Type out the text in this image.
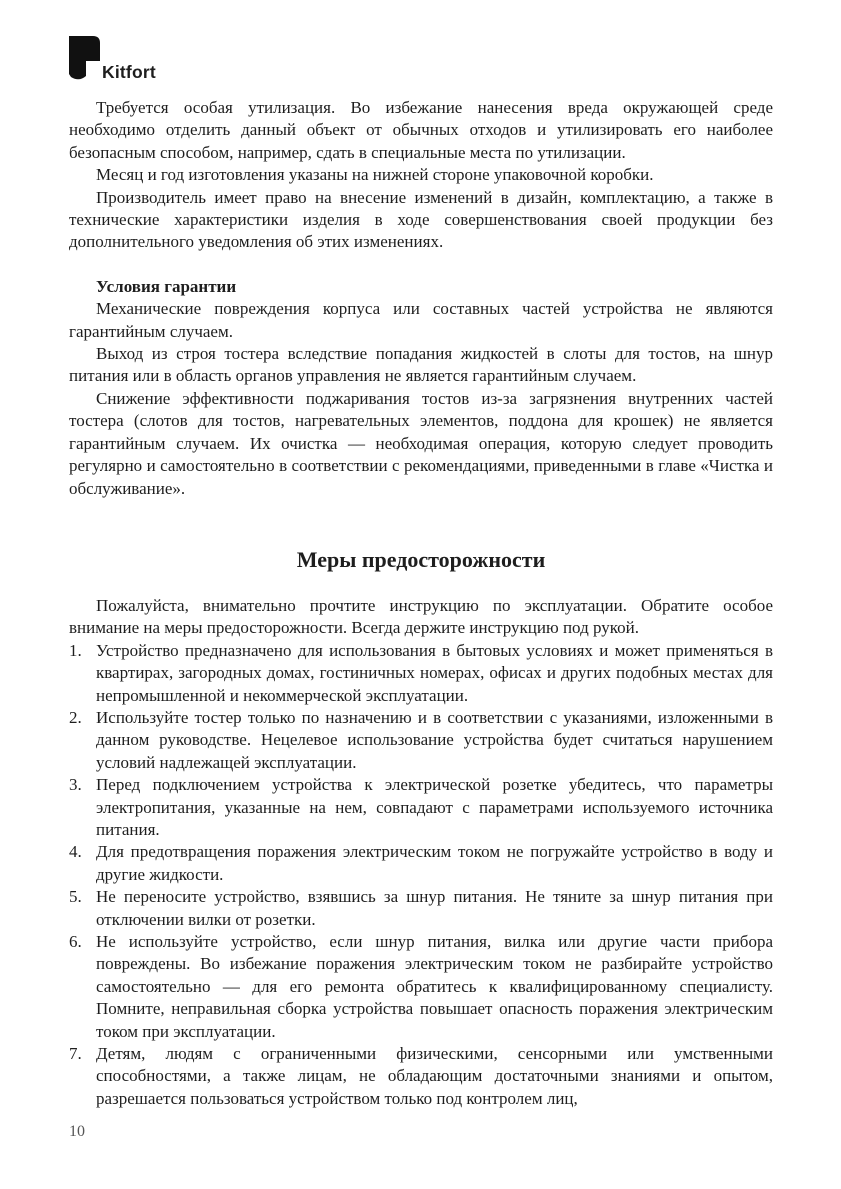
Kitfort

Требуется особая утилизация. Во избежание нанесения вреда окружающей среде необходимо отделить данный объект от обычных отходов и утилизировать его наиболее безопасным способом, например, сдать в специальные места по утилизации.

Месяц и год изготовления указаны на нижней стороне упаковочной коробки.

Производитель имеет право на внесение изменений в дизайн, комплектацию, а также в технические характеристики изделия в ходе совершенствования своей продукции без дополнительного уведомления об этих изменениях.

Условия гарантии

Механические повреждения корпуса или составных частей устройства не являются гарантийным случаем.

Выход из строя тостера вследствие попадания жидкостей в слоты для тостов, на шнур питания или в область органов управления не является гарантийным случаем.

Снижение эффективности поджаривания тостов из-за загрязнения внутренних частей тостера (слотов для тостов, нагревательных элементов, поддона для крошек) не является гарантийным случаем. Их очистка — необходимая операция, которую следует проводить регулярно и самостоятельно в соответствии с рекомендациями, приведенными в главе «Чистка и обслуживание».

Меры предосторожности

Пожалуйста, внимательно прочтите инструкцию по эксплуатации. Обратите особое внимание на меры предосторожности. Всегда держите инструкцию под рукой.

1. Устройство предназначено для использования в бытовых условиях и может применяться в квартирах, загородных домах, гостиничных номерах, офисах и других подобных местах для непромышленной и некоммерческой эксплуатации.
2. Используйте тостер только по назначению и в соответствии с указаниями, изложенными в данном руководстве. Нецелевое использование устройства будет считаться нарушением условий надлежащей эксплуатации.
3. Перед подключением устройства к электрической розетке убедитесь, что параметры электропитания, указанные на нем, совпадают с параметрами используемого источника питания.
4. Для предотвращения поражения электрическим током не погружайте устройство в воду и другие жидкости.
5. Не переносите устройство, взявшись за шнур питания. Не тяните за шнур питания при отключении вилки от розетки.
6. Не используйте устройство, если шнур питания, вилка или другие части прибора повреждены. Во избежание поражения электрическим током не разбирайте устройство самостоятельно — для его ремонта обратитесь к квалифицированному специалисту. Помните, неправильная сборка устройства повышает опасность поражения электрическим током при эксплуатации.
7. Детям, людям с ограниченными физическими, сенсорными или умственными способностями, а также лицам, не обладающим достаточными знаниями и опытом, разрешается пользоваться устройством только под контролем лиц,
10
